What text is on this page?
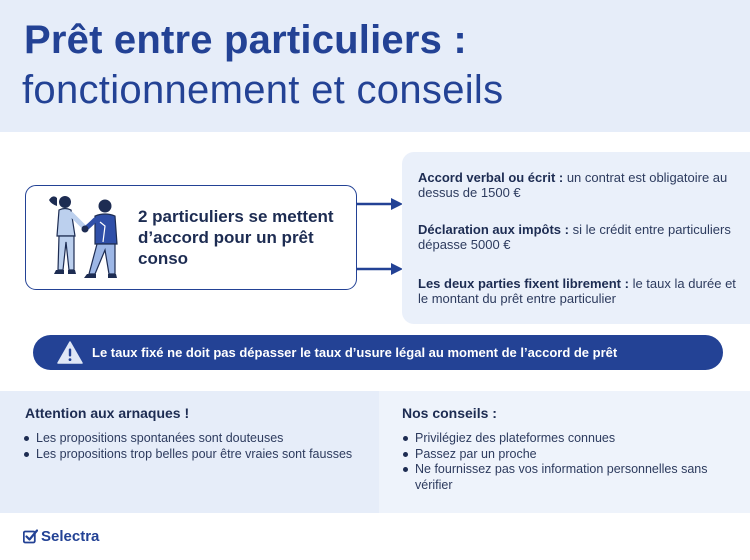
Prêt entre particuliers :
fonctionnement et conseils
2 particuliers se mettent d’accord pour un prêt conso
Accord verbal ou écrit : un contrat est obligatoire au dessus de 1500 €
Déclaration aux impôts : si le crédit entre particuliers dépasse 5000 €
Les deux parties fixent librement : le taux la durée et le montant du prêt entre particulier
Le taux fixé ne doit pas dépasser le taux d’usure légal au moment de l’accord de prêt
Attention aux arnaques !
Les propositions spontanées sont douteuses
Les propositions trop belles pour être vraies sont fausses
Nos conseils :
Privilégiez des plateformes connues
Passez par un proche
Ne fournissez pas vos information personnelles sans vérifier
Selectra
